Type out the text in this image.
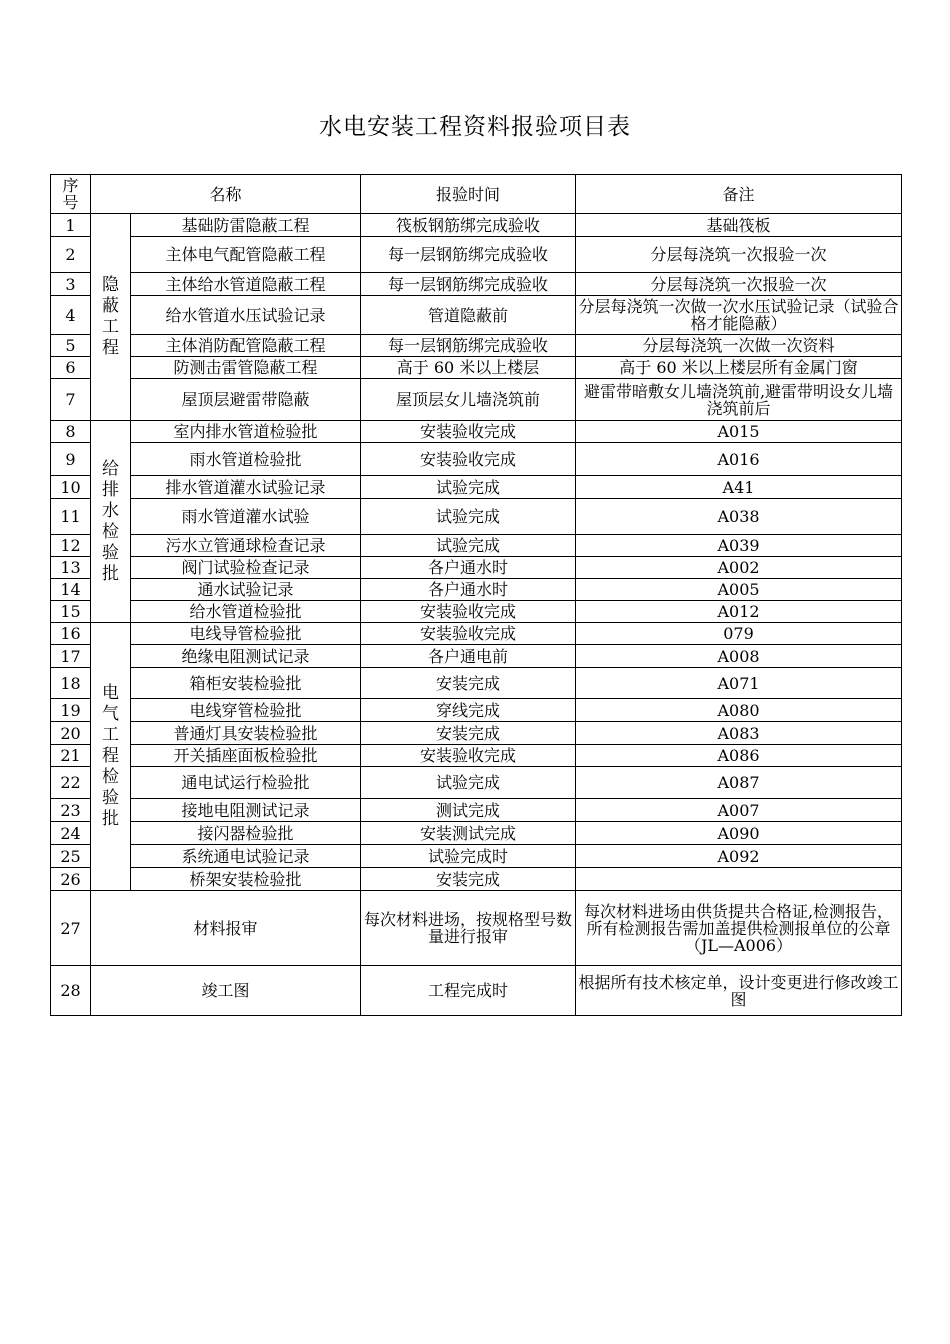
水电安装工程资料报验项目表
序号	名称		报验时间	备注
1	隐蔽工程	基础防雷隐蔽工程	筏板钢筋绑完成验收	基础筏板
2		主体电气配管隐蔽工程	每一层钢筋绑完成验收	分层每浇筑一次报验一次
3		主体给水管道隐蔽工程	每一层钢筋绑完成验收	分层每浇筑一次报验一次
4		给水管道水压试验记录	管道隐蔽前	分层每浇筑一次做一次水压试验记录（试验合格才能隐蔽）
5		主体消防配管隐蔽工程	每一层钢筋绑完成验收	分层每浇筑一次做一次资料
6		防测击雷管隐蔽工程	高于 60 米以上楼层	高于 60 米以上楼层所有金属门窗
7		屋顶层避雷带隐蔽	屋顶层女儿墙浇筑前	避雷带暗敷女儿墙浇筑前,避雷带明设女儿墙浇筑前后
8	给排水检验批	室内排水管道检验批	安装验收完成	A015
9		雨水管道检验批	安装验收完成	A016
10		排水管道灌水试验记录	试验完成	A41
11		雨水管道灌水试验	试验完成	A038
12		污水立管通球检查记录	试验完成	A039
13		阀门试验检查记录	各户通水时	A002
14		通水试验记录	各户通水时	A005
15		给水管道检验批	安装验收完成	A012
16	电气工程检验批	电线导管检验批	安装验收完成	079
17		绝缘电阻测试记录	各户通电前	A008
18		箱柜安装检验批	安装完成	A071
19		电线穿管检验批	穿线完成	A080
20		普通灯具安装检验批	安装完成	A083
21		开关插座面板检验批	安装验收完成	A086
22		通电试运行检验批	试验完成	A087
23		接地电阻测试记录	测试完成	A007
24		接闪器检验批	安装测试完成	A090
25		系统通电试验记录	试验完成时	A092
26		桥架安装检验批	安装完成	
27	材料报审		每次材料进场，按规格型号数量进行报审	每次材料进场由供货提共合格证,检测报告，所有检测报告需加盖提供检测报单位的公章（JL—A006）
28	竣工图		工程完成时	根据所有技术核定单，设计变更进行修改竣工图
